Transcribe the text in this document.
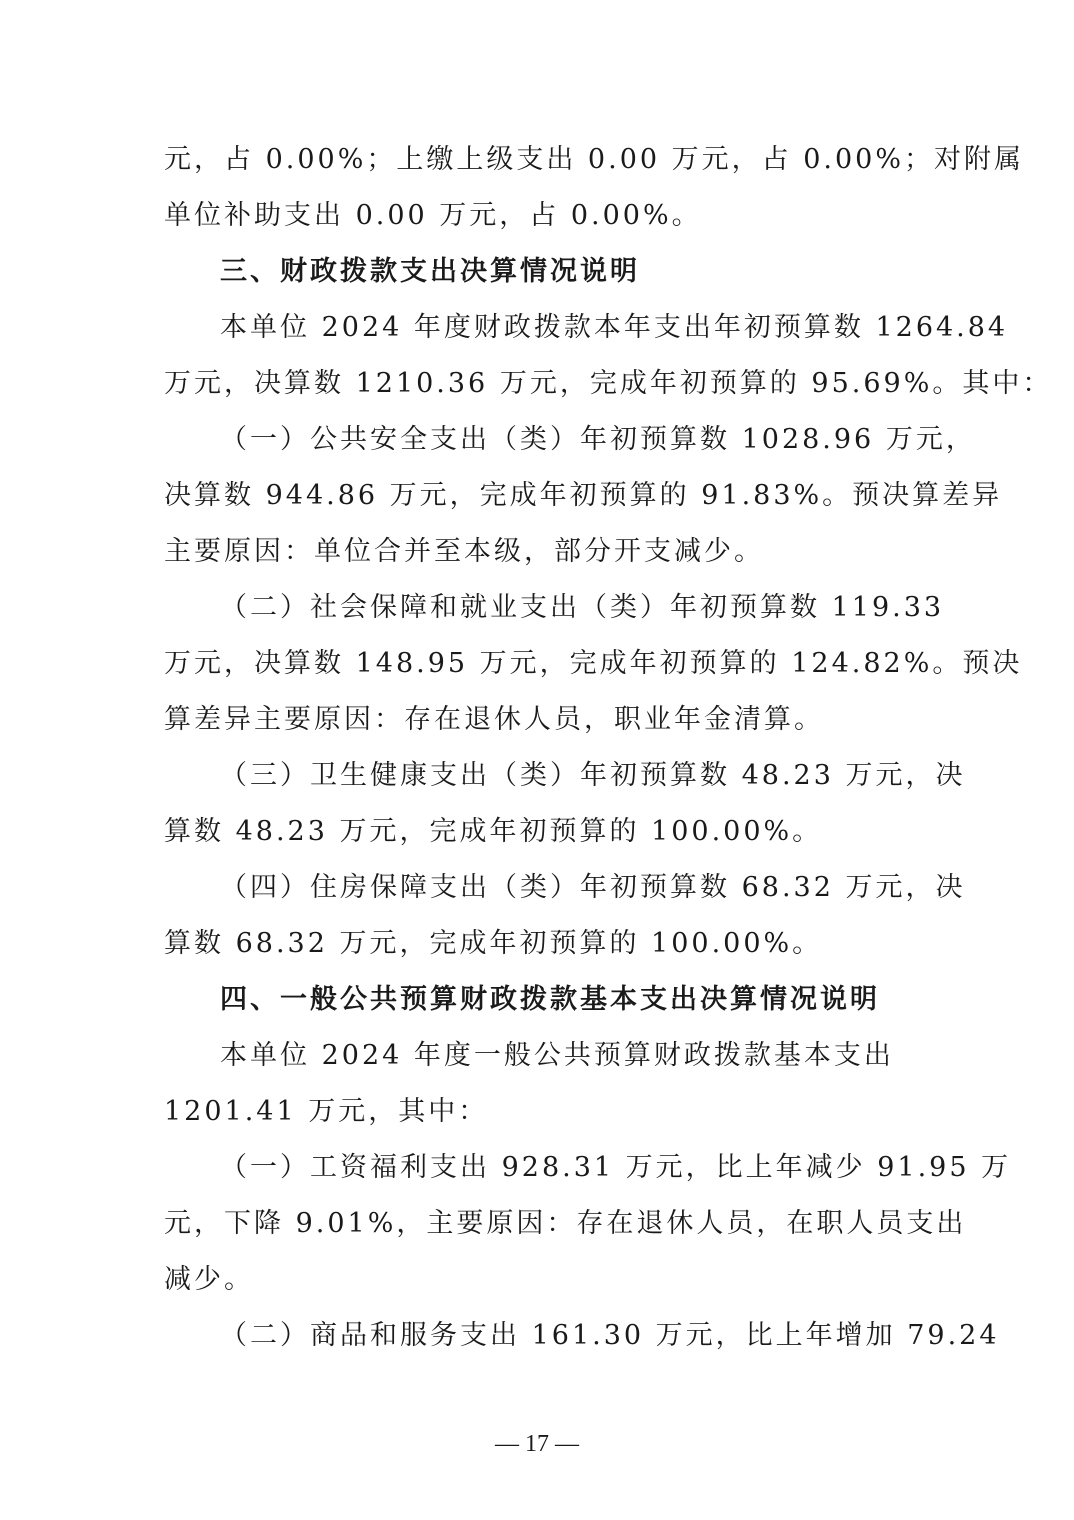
元，占 0.00%；上缴上级支出 0.00 万元，占 0.00%；对附属
单位补助支出 0.00 万元，占 0.00%。
三、财政拨款支出决算情况说明
本单位 2024 年度财政拨款本年支出年初预算数 1264.84
万元，决算数 1210.36 万元，完成年初预算的 95.69%。其中：
（一）公共安全支出（类）年初预算数 1028.96 万元，
决算数 944.86 万元，完成年初预算的 91.83%。预决算差异
主要原因：单位合并至本级，部分开支减少。
（二）社会保障和就业支出（类）年初预算数 119.33
万元，决算数 148.95 万元，完成年初预算的 124.82%。预决
算差异主要原因：存在退休人员，职业年金清算。
（三）卫生健康支出（类）年初预算数 48.23 万元，决
算数 48.23 万元，完成年初预算的 100.00%。
（四）住房保障支出（类）年初预算数 68.32 万元，决
算数 68.32 万元，完成年初预算的 100.00%。
四、一般公共预算财政拨款基本支出决算情况说明
本单位 2024 年度一般公共预算财政拨款基本支出
1201.41 万元，其中：
（一）工资福利支出 928.31 万元，比上年减少 91.95 万
元，下降 9.01%，主要原因：存在退休人员，在职人员支出
减少。
（二）商品和服务支出 161.30 万元，比上年增加 79.24
— 17 —
